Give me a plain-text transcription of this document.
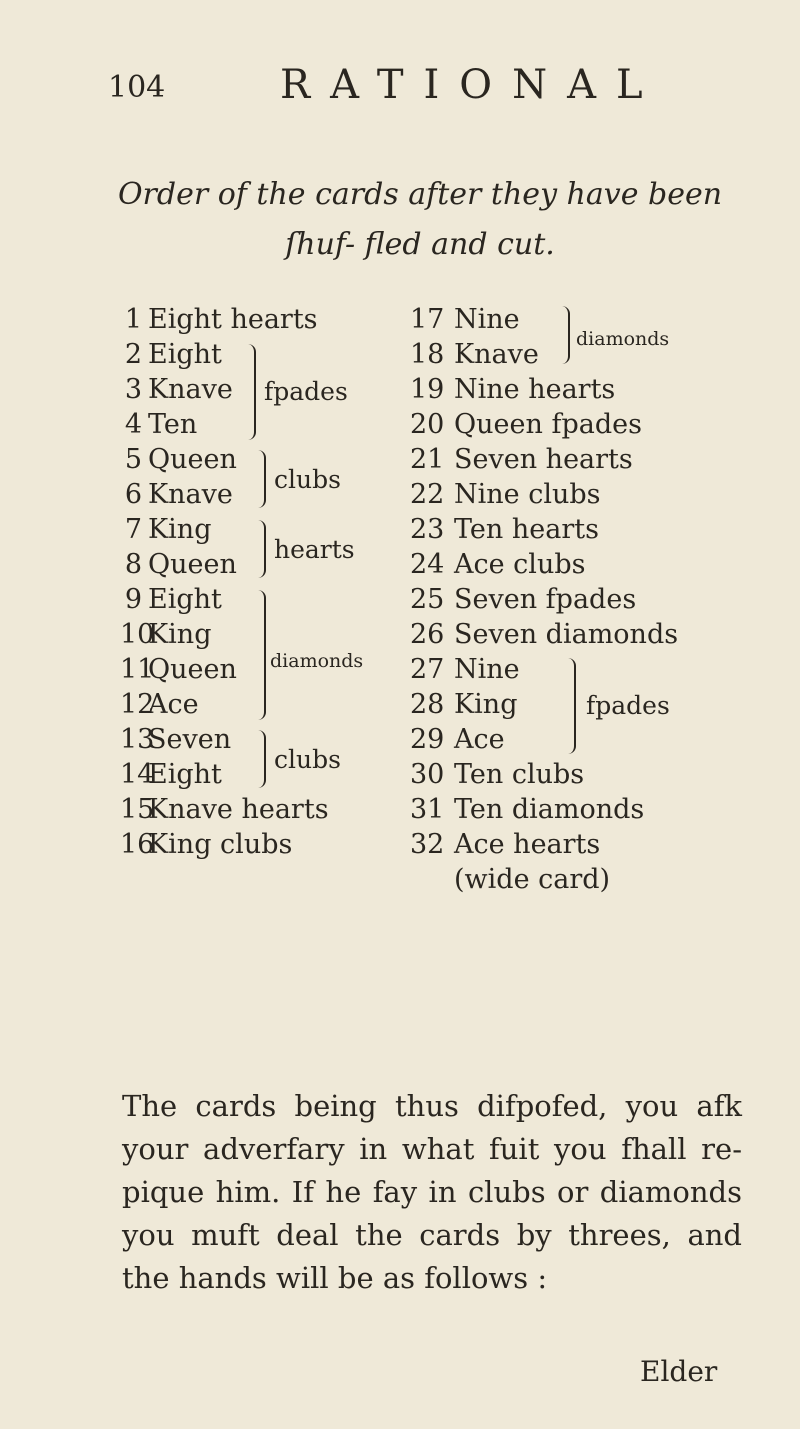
104	RATIONAL
Order of the cards after they have been ſhuf- fled and cut.
1 Eight hearts
2 Eight
3 Knave
4 Ten
5 Queen
6 Knave
7 King
8 Queen
9 Eight
10King
11Queen
12Ace
13Seven
14Eight
15Knave hearts
16King clubs
fpades
clubs
hearts
diamonds
clubs
17 Nine
18 Knave
19 Nine hearts
20 Queen fpades
21 Seven hearts
22 Nine clubs
23 Ten hearts
24 Ace clubs
25 Seven fpades
26 Seven diamonds
27 Nine
28 King
29 Ace
30 Ten clubs
31 Ten diamonds
32 Ace hearts
(wide card)
diamonds
fpades
The cards being thus difpofed, you afk your adverfary in what fuit you fhall re- pique him. If he fay in clubs or diamonds you muft deal the cards by threes, and the hands will be as follows :
Elder
